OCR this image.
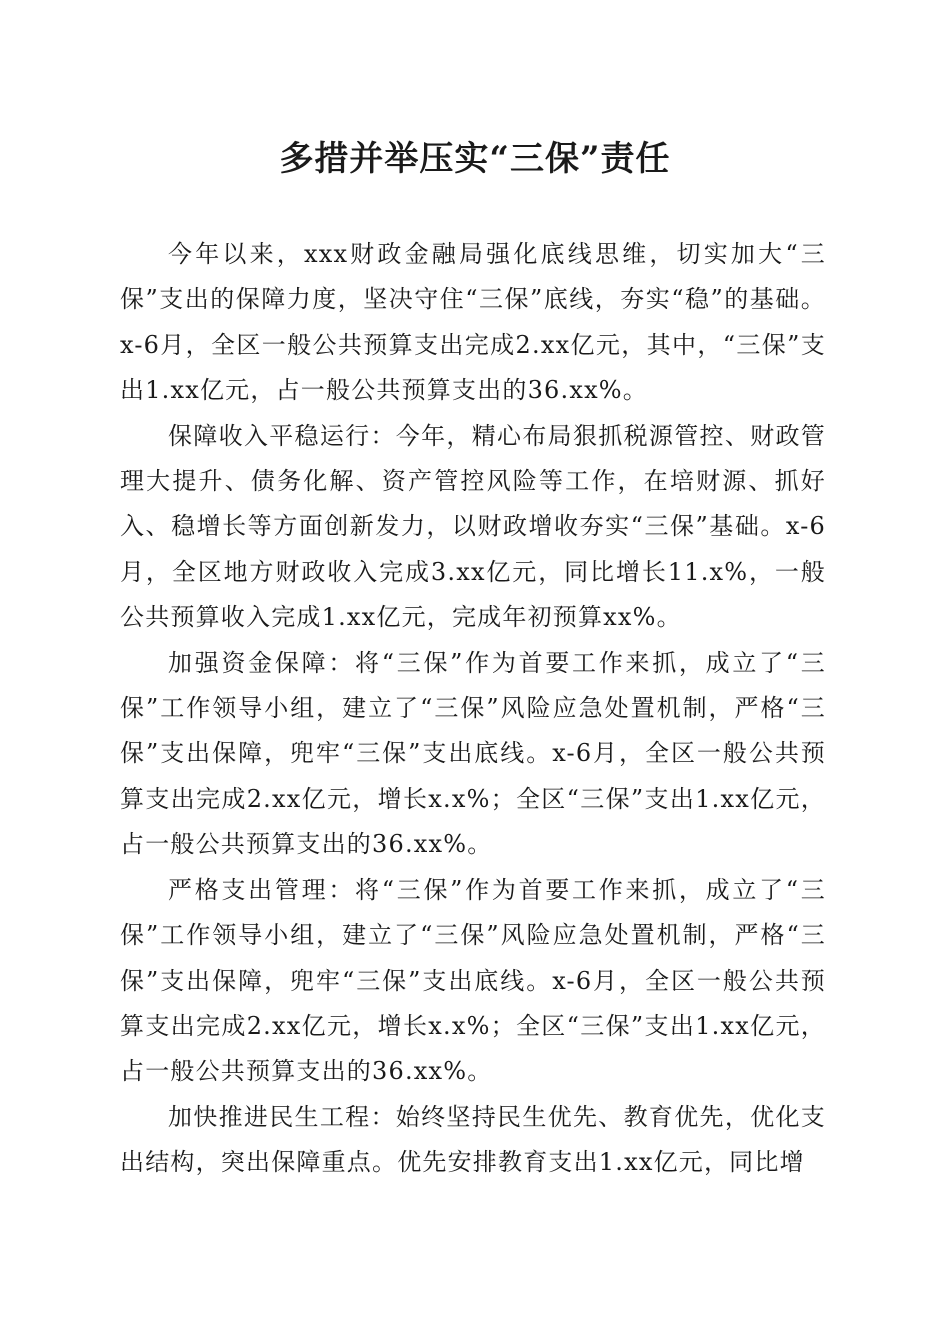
多措并举压实“三保”责任

今年以来，xxx财政金融局强化底线思维，切实加大“三保”支出的保障力度，坚决守住“三保”底线，夯实“稳”的基础。x-6月，全区一般公共预算支出完成2.xx亿元，其中，“三保”支出1.xx亿元，占一般公共预算支出的36.xx%。

保障收入平稳运行：今年，精心布局狠抓税源管控、财政管理大提升、债务化解、资产管控风险等工作，在培财源、抓好入、稳增长等方面创新发力，以财政增收夯实“三保”基础。x-6月，全区地方财政收入完成3.xx亿元，同比增长11.x%，一般公共预算收入完成1.xx亿元，完成年初预算xx%。

加强资金保障：将“三保”作为首要工作来抓，成立了“三保”工作领导小组，建立了“三保”风险应急处置机制，严格“三保”支出保障，兜牢“三保”支出底线。x-6月，全区一般公共预算支出完成2.xx亿元，增长x.x%；全区“三保”支出1.xx亿元，占一般公共预算支出的36.xx%。

严格支出管理：将“三保”作为首要工作来抓，成立了“三保”工作领导小组，建立了“三保”风险应急处置机制，严格“三保”支出保障，兜牢“三保”支出底线。x-6月，全区一般公共预算支出完成2.xx亿元，增长x.x%；全区“三保”支出1.xx亿元，占一般公共预算支出的36.xx%。

加快推进民生工程：始终坚持民生优先、教育优先，优化支出结构，突出保障重点。优先安排教育支出1.xx亿元，同比增
